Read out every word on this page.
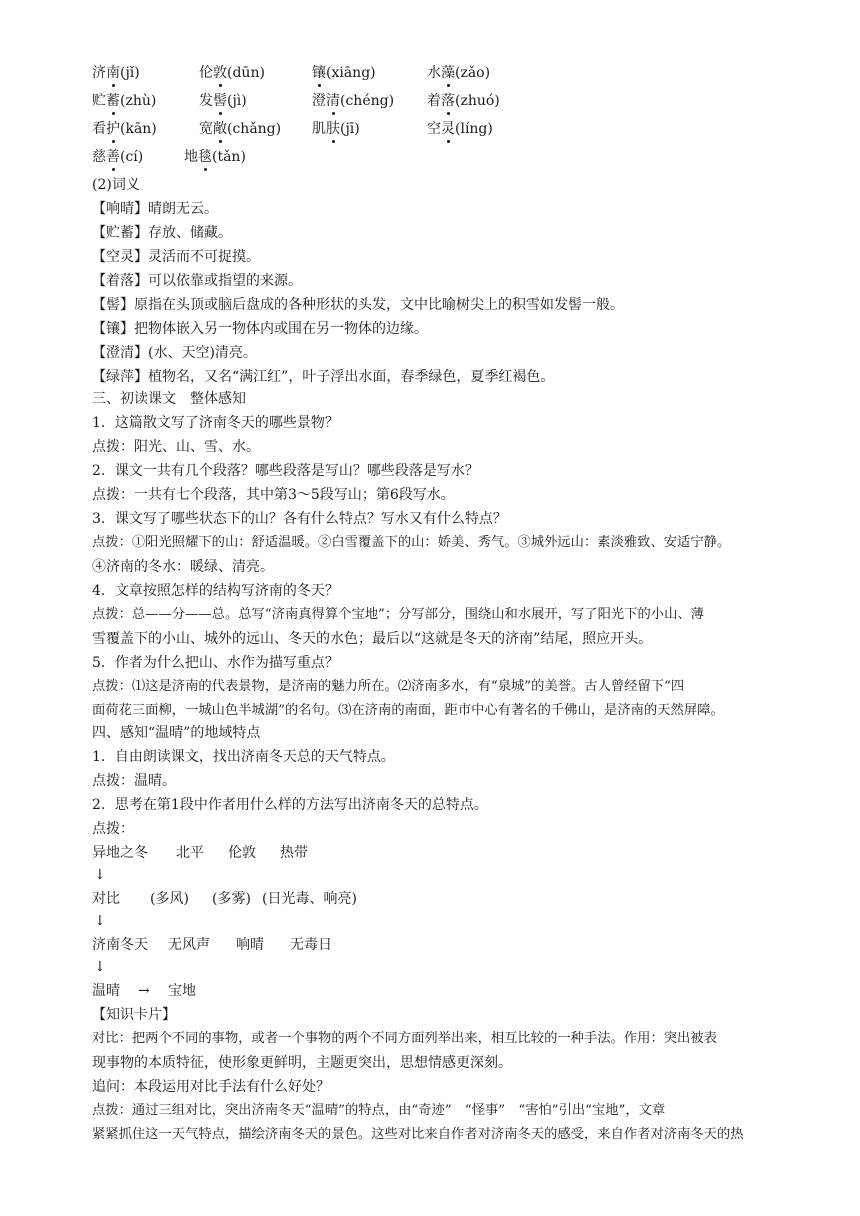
济南(jǐ)	伦敦(dūn)	镶(xiāng)	水藻(zǎo)
贮蓄(zhù)	发髻(jì)	澄清(chéng) 着落(zhuó)
看护(kān)	宽敞(chǎng) 肌肤(jī)	空灵(líng)
慈善(cí)	地毯(tǎn)
(2)词义
【响晴】晴朗无云。
【贮蓄】存放、储藏。
【空灵】灵活而不可捉摸。
【着落】可以依靠或指望的来源。
【髻】原指在头顶或脑后盘成的各种形状的头发，文中比喻树尖上的积雪如发髻一般。
【镶】把物体嵌入另一物体内或围在另一物体的边缘。
【澄清】(水、天空)清亮。
【绿萍】植物名，又名“满江红”，叶子浮出水面，春季绿色，夏季红褐色。
三、初读课文　整体感知
1．这篇散文写了济南冬天的哪些景物？
点拨：阳光、山、雪、水。
2．课文一共有几个段落？哪些段落是写山？哪些段落是写水？
点拨：一共有七个段落，其中第3～5段写山；第6段写水。
3．课文写了哪些状态下的山？各有什么特点？写水又有什么特点？
点拨：①阳光照耀下的山：舒适温暖。②白雪覆盖下的山：娇美、秀气。③城外远山：素淡雅致、安适宁静。
④济南的冬水：暖绿、清亮。
4．文章按照怎样的结构写济南的冬天？
点拨：总——分——总。总写“济南真得算个宝地”；分写部分，围绕山和水展开，写了阳光下的小山、薄
雪覆盖下的小山、城外的远山、冬天的水色；最后以“这就是冬天的济南”结尾，照应开头。
5．作者为什么把山、水作为描写重点？
点拨：⑴这是济南的代表景物，是济南的魅力所在。⑵济南多水，有“泉城”的美誉。古人曾经留下“四
面荷花三面柳，一城山色半城湖”的名句。⑶在济南的南面，距市中心有著名的千佛山，是济南的天然屏障。
四、感知“温晴”的地域特点
1．自由朗读课文，找出济南冬天总的天气特点。
点拨：温晴。
2．思考在第1段中作者用什么样的方法写出济南冬天的总特点。
点拨：
异地之冬 北平 伦敦 热带
↓
对比 (多风) (多雾) (日光毒、响亮)
↓
济南冬天 无风声 响晴 无毒日
↓
温晴 → 宝地
【知识卡片】
对比：把两个不同的事物，或者一个事物的两个不同方面列举出来，相互比较的一种手法。作用：突出被表
现事物的本质特征，使形象更鲜明，主题更突出，思想情感更深刻。
追问：本段运用对比手法有什么好处？
点拨：通过三组对比，突出济南冬天“温晴”的特点，由“奇迹”　“怪事”　“害怕”引出“宝地”，文章
紧紧抓住这一天气特点，描绘济南冬天的景色。这些对比来自作者对济南冬天的感受，来自作者对济南冬天的热
